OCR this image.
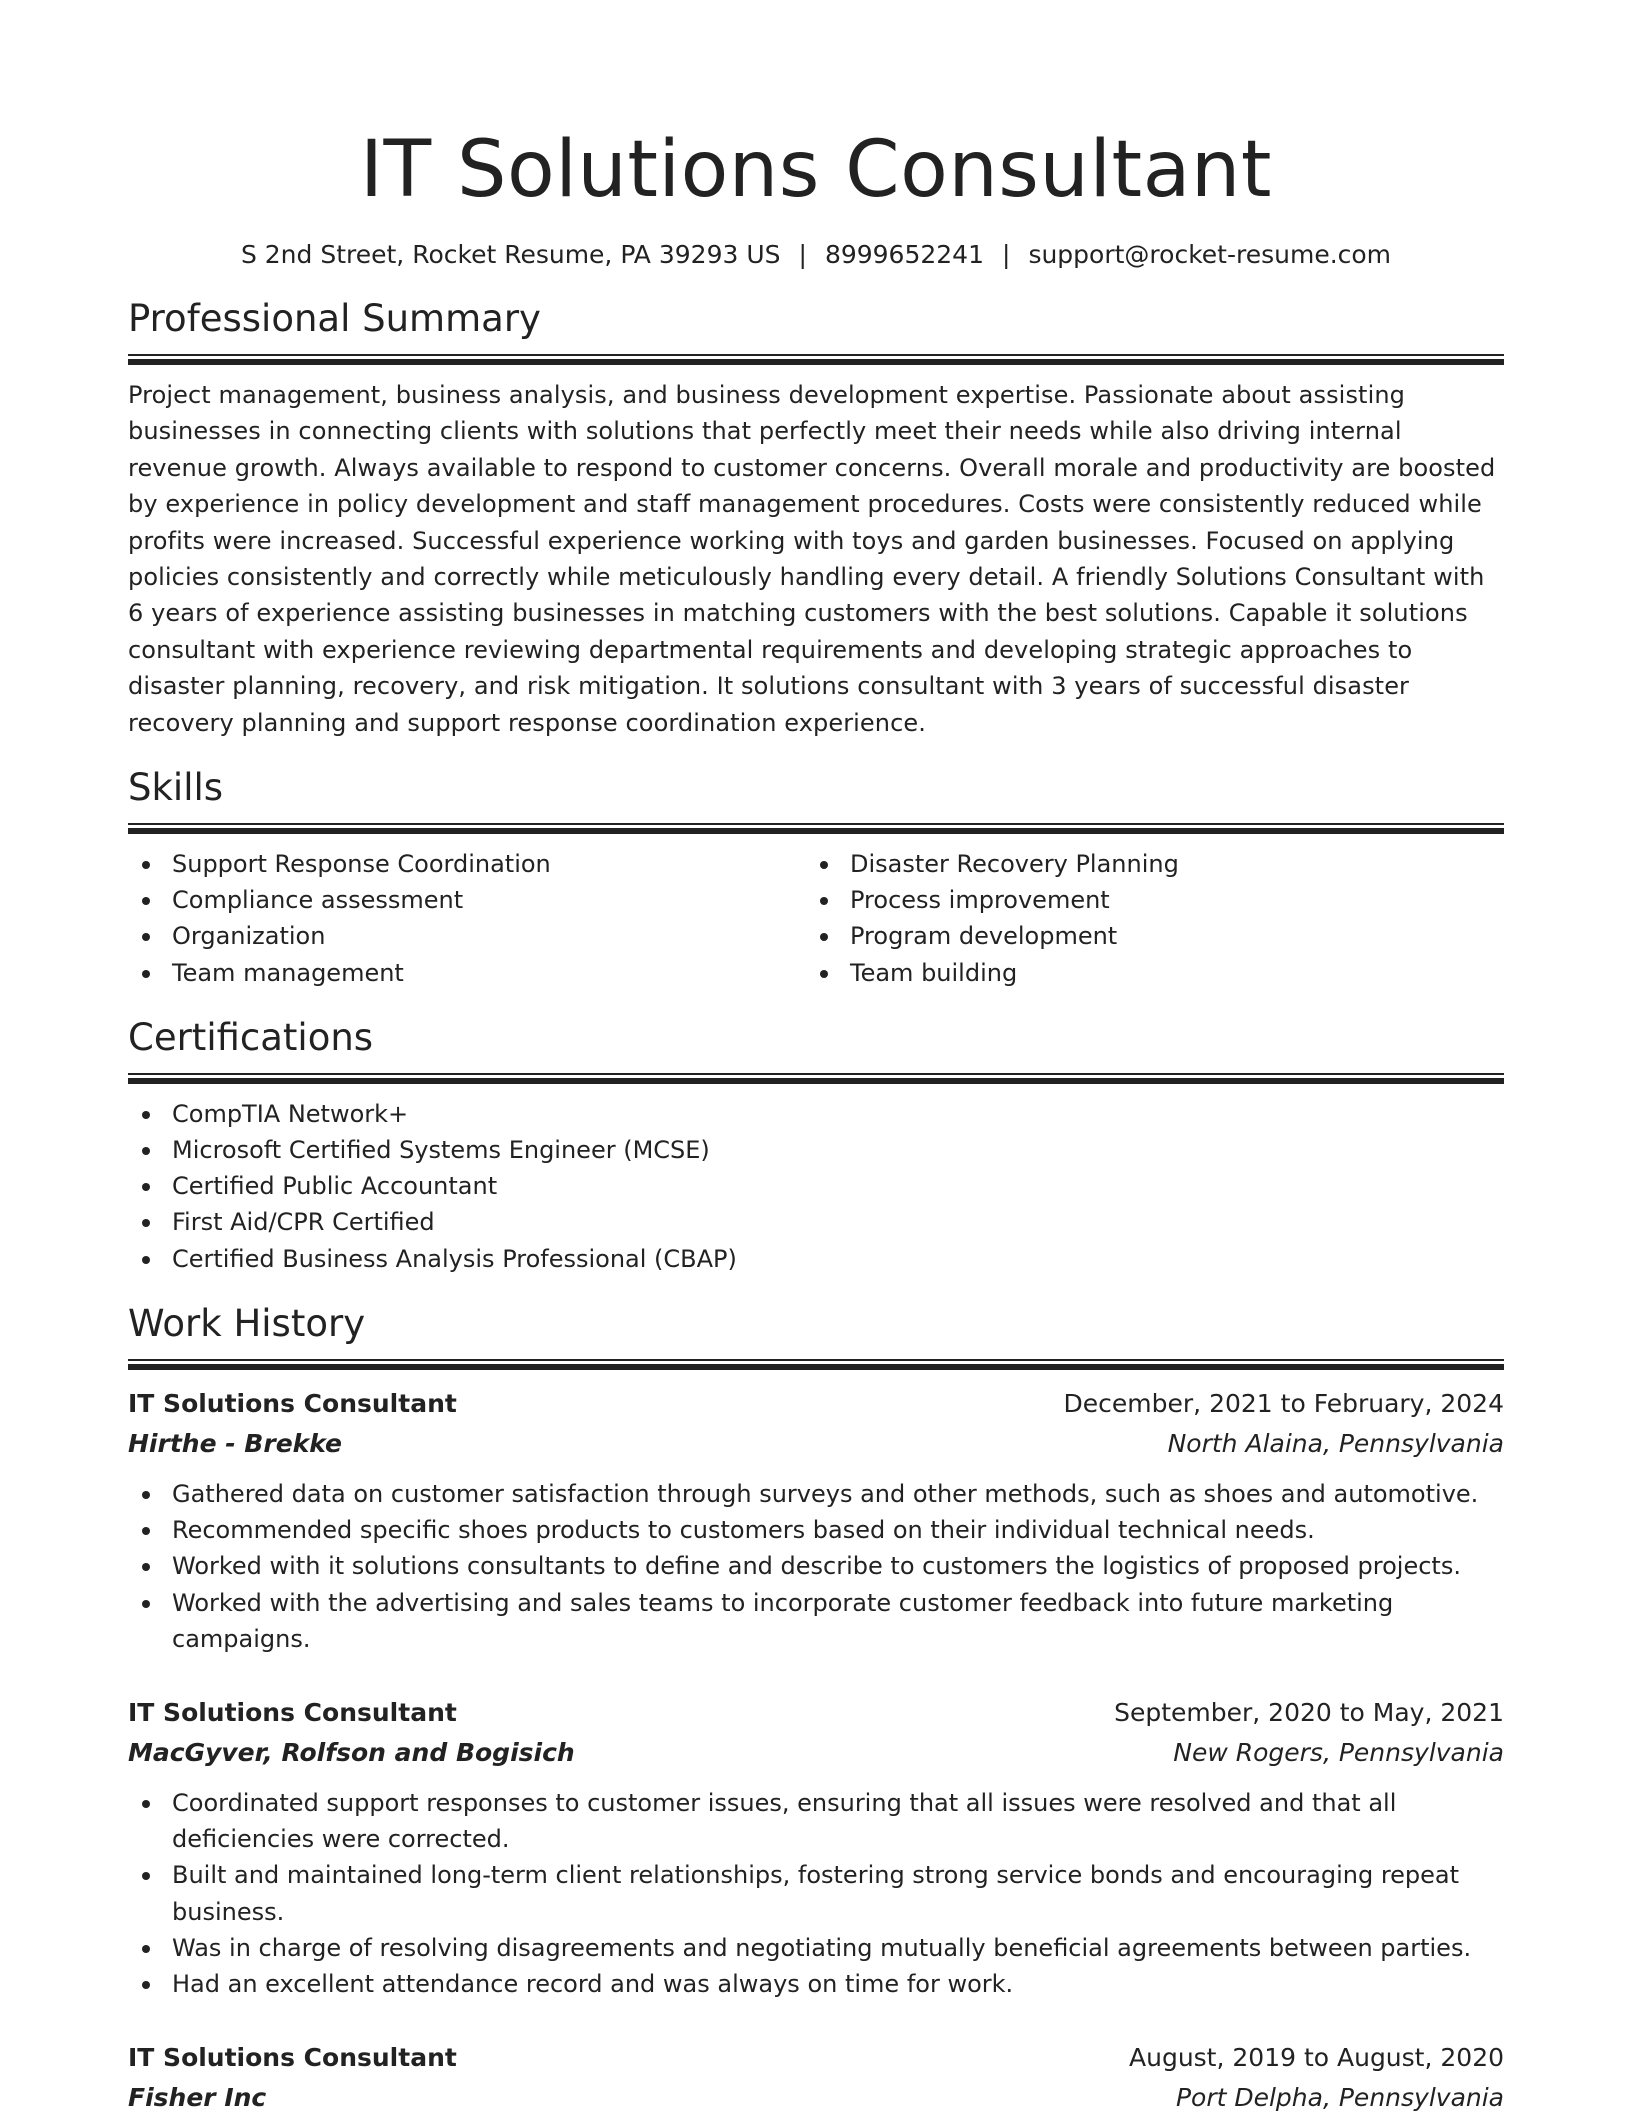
IT Solutions Consultant
S 2nd Street, Rocket Resume, PA 39293 US | 8999652241 | support@rocket-resume.com
Professional Summary

Project management, business analysis, and business development expertise. Passionate about assisting businesses in connecting clients with solutions that perfectly meet their needs while also driving internal revenue growth. Always available to respond to customer concerns. Overall morale and productivity are boosted by experience in policy development and staff management procedures. Costs were consistently reduced while profits were increased. Successful experience working with toys and garden businesses. Focused on applying policies consistently and correctly while meticulously handling every detail. A friendly Solutions Consultant with 6 years of experience assisting businesses in matching customers with the best solutions. Capable it solutions consultant with experience reviewing departmental requirements and developing strategic approaches to disaster planning, recovery, and risk mitigation. It solutions consultant with 3 years of successful disaster recovery planning and support response coordination experience.

Skills
Support Response Coordination
Compliance assessment
Organization
Team management
Disaster Recovery Planning
Process improvement
Program development
Team building
Certifications
CompTIA Network+
Microsoft Certified Systems Engineer (MCSE)
Certified Public Accountant
First Aid/CPR Certified
Certified Business Analysis Professional (CBAP)
Work History
IT Solutions Consultant	December, 2021 to February, 2024
Hirthe - Brekke	North Alaina, Pennsylvania
Gathered data on customer satisfaction through surveys and other methods, such as shoes and automotive.
Recommended specific shoes products to customers based on their individual technical needs.
Worked with it solutions consultants to define and describe to customers the logistics of proposed projects.
Worked with the advertising and sales teams to incorporate customer feedback into future marketing campaigns.
IT Solutions Consultant	September, 2020 to May, 2021
MacGyver, Rolfson and Bogisich	New Rogers, Pennsylvania
Coordinated support responses to customer issues, ensuring that all issues were resolved and that all deficiencies were corrected.
Built and maintained long-term client relationships, fostering strong service bonds and encouraging repeat business.
Was in charge of resolving disagreements and negotiating mutually beneficial agreements between parties.
Had an excellent attendance record and was always on time for work.
IT Solutions Consultant	August, 2019 to August, 2020
Fisher Inc	Port Delpha, Pennsylvania
